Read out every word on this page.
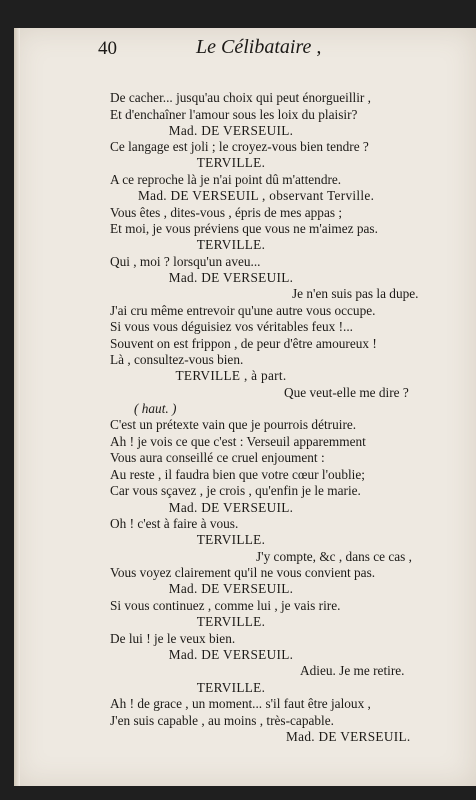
40	Le Célibataire ,
De cacher... jusqu'au choix qui peut énorgueillir ,
Et d'enchaîner l'amour sous les loix du plaisir?
Mad. DE VERSEUIL.
Ce langage est joli ; le croyez-vous bien tendre ?
TERVILLE.
A ce reproche là je n'ai point dû m'attendre.
Mad. DE VERSEUIL , observant Terville.
Vous êtes , dites-vous , épris de mes appas ;
Et moi, je vous préviens que vous ne m'aimez pas.
TERVILLE.
Qui , moi ? lorsqu'un aveu...
Mad. DE VERSEUIL.
Je n'en suis pas la dupe.
J'ai cru même entrevoir qu'une autre vous occupe.
Si vous vous déguisiez vos véritables feux !...
Souvent on est frippon , de peur d'être amoureux !
Là , consultez-vous bien.
TERVILLE , à part.
Que veut-elle me dire ?
( haut. )
C'est un prétexte vain que je pourrois détruire.
Ah ! je vois ce que c'est : Verseuil apparemment
Vous aura conseillé ce cruel enjoument :
Au reste , il faudra bien que votre cœur l'oublie;
Car vous sçavez , je crois , qu'enfin je le marie.
Mad. DE VERSEUIL.
Oh ! c'est à faire à vous.
TERVILLE.
J'y compte, &c , dans ce cas ,
Vous voyez clairement qu'il ne vous convient pas.
Mad. DE VERSEUIL.
Si vous continuez , comme lui , je vais rire.
TERVILLE.
De lui ! je le veux bien.
Mad. DE VERSEUIL.
Adieu. Je me retire.
TERVILLE.
Ah ! de grace , un moment... s'il faut être jaloux ,
J'en suis capable , au moins , très-capable.
Mad. DE VERSEUIL.
